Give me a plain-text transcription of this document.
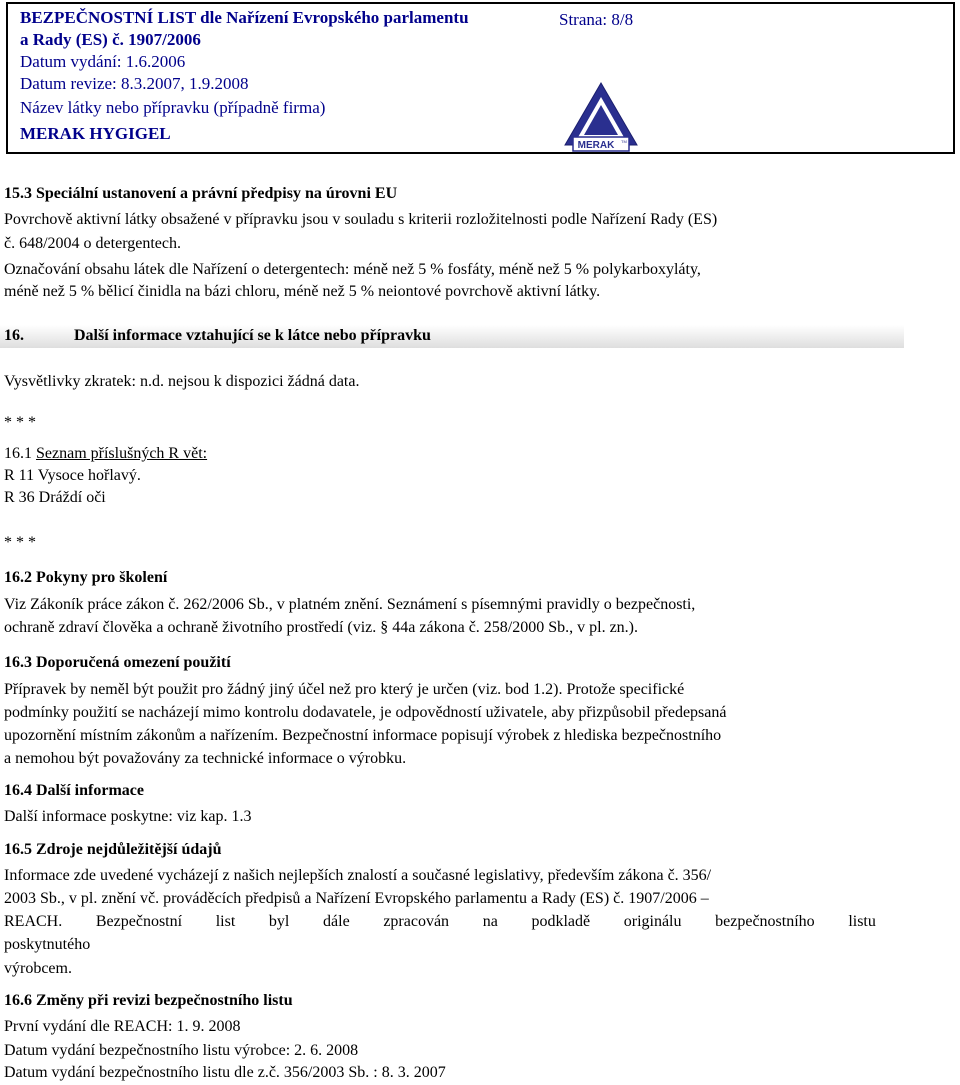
BEZPEČNOSTNÍ LIST dle Nařízení Evropského parlamentu
a Rady (ES) č. 1907/2006
Datum vydání: 1.6.2006
Datum revize: 8.3.2007, 1.9.2008
Název látky nebo přípravku (případně firma)
MERAK HYGIGEL
Strana: 8/8
MERAK TM
15.3 Speciální ustanovení a právní předpisy na úrovni EU
Povrchově aktivní látky obsažené v přípravku jsou v souladu s kriterii rozložitelnosti podle Nařízení Rady (ES)
č. 648/2004 o detergentech.
Označování obsahu látek dle Nařízení o detergentech: méně než 5 % fosfáty, méně než 5 % polykarboxyláty,
méně než 5 % bělicí činidla na bázi chloru, méně než 5 % neiontové povrchově aktivní látky.
16.	Další informace vztahující se k látce nebo přípravku
Vysvětlivky zkratek: n.d. nejsou k dispozici žádná data.
* * *
16.1 Seznam příslušných R vět:
R 11 Vysoce hořlavý.
R 36 Dráždí oči
* * *
16.2 Pokyny pro školení
Viz Zákoník práce zákon č. 262/2006 Sb., v platném znění. Seznámení s písemnými pravidly o bezpečnosti,
ochraně zdraví člověka a ochraně životního prostředí (viz. § 44a zákona č. 258/2000 Sb., v pl. zn.).
16.3 Doporučená omezení použití
Přípravek by neměl být použit pro žádný jiný účel než pro který je určen (viz. bod 1.2). Protože specifické
podmínky použití se nacházejí mimo kontrolu dodavatele, je odpovědností uživatele, aby přizpůsobil předepsaná
upozornění místním zákonům a nařízením. Bezpečnostní informace popisují výrobek z hlediska bezpečnostního
a nemohou být považovány za technické informace o výrobku.
16.4 Další informace
Další informace poskytne: viz kap. 1.3
16.5 Zdroje nejdůležitější údajů
Informace zde uvedené vycházejí z našich nejlepších znalostí a současné legislativy, především zákona č. 356/
2003 Sb., v pl. znění vč. prováděcích předpisů a Nařízení Evropského parlamentu a Rady (ES) č. 1907/2006 –
REACH. Bezpečnostní list byl dále zpracován na podkladě originálu bezpečnostního listu
poskytnutého
výrobcem.
16.6 Změny při revizi bezpečnostního listu
První vydání dle REACH: 1. 9. 2008
Datum vydání bezpečnostního listu výrobce: 2. 6. 2008
Datum vydání bezpečnostního listu dle z.č. 356/2003 Sb. : 8. 3. 2007
